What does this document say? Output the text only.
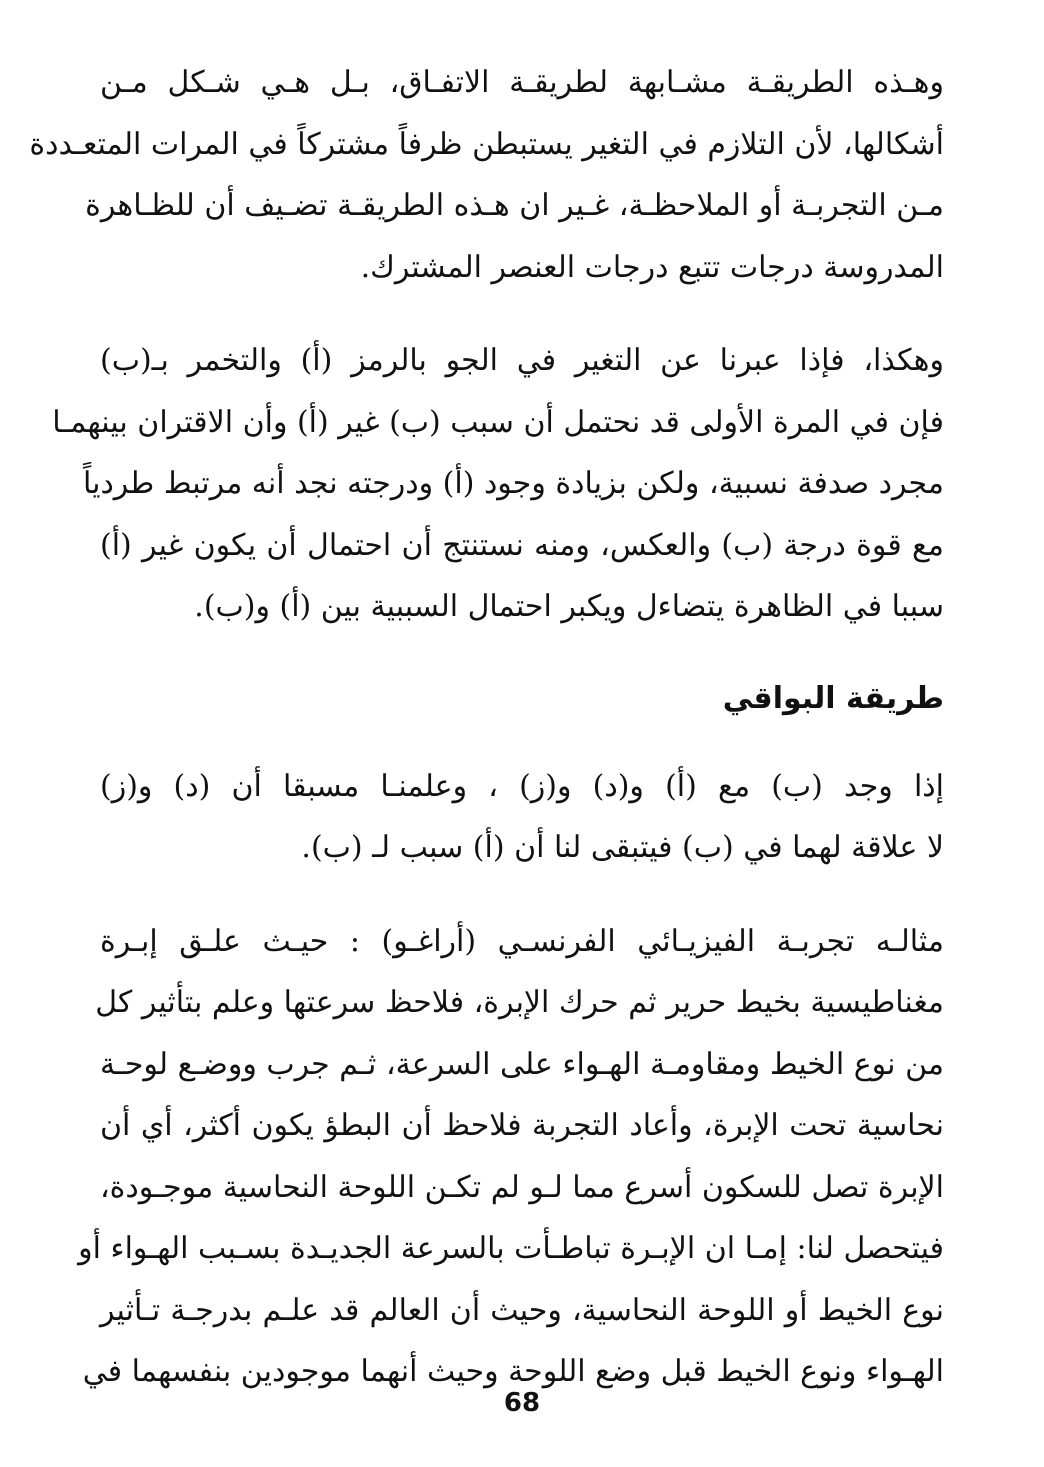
وهـذه الطريقـة مشـابهة لطريقـة الاتفـاق، بـل هـي شـكل مـن
أشكالها، لأن التلازم في التغير يستبطن ظرفاً مشتركاً في المرات المتعـددة
مـن التجربـة أو الملاحظـة، غـير ان هـذه الطريقـة تضـيف أن للظـاهرة
المدروسة درجات تتبع درجات العنصر المشترك.

وهكذا، فإذا عبرنا عن التغير في الجو بالرمز (أ) والتخمر بـ(ب)
فإن في المرة الأولى قد نحتمل أن سبب (ب) غير (أ) وأن الاقتران بينهمـا
مجرد صدفة نسبية، ولكن بزيادة وجود (أ) ودرجته نجد أنه مرتبط طردياً
مع قوة درجة (ب) والعكس، ومنه نستنتج أن احتمال أن يكون غير (أ)
سببا في الظاهرة يتضاءل ويكبر احتمال السببية بين (أ) و(ب).

طريقة البواقي

إذا وجد (ب) مع (أ) و(د) و(ز) ، وعلمنـا مسبقا أن (د) و(ز)
لا علاقة لهما في (ب) فيتبقى لنا أن (أ) سبب لـ (ب).

مثالـه تجربـة الفيزيـائي الفرنسـي (أراغـو) : حيـث علـق إبـرة
مغناطيسية بخيط حرير ثم حرك الإبرة، فلاحظ سرعتها وعلم بتأثير كل
من نوع الخيط ومقاومـة الهـواء على السرعة، ثـم جرب ووضـع لوحـة
نحاسية تحت الإبرة، وأعاد التجربة فلاحظ أن البطؤ يكون أكثر، أي أن
الإبرة تصل للسكون أسرع مما لـو لم تكـن اللوحة النحاسية موجـودة،
فيتحصل لنا: إمـا ان الإبـرة تباطـأت بالسرعة الجديـدة بسـبب الهـواء أو
نوع الخيط أو اللوحة النحاسية، وحيث أن العالم قد علـم بدرجـة تـأثير
الهـواء ونوع الخيط قبل وضع اللوحة وحيث أنهما موجودين بنفسهما في

68
